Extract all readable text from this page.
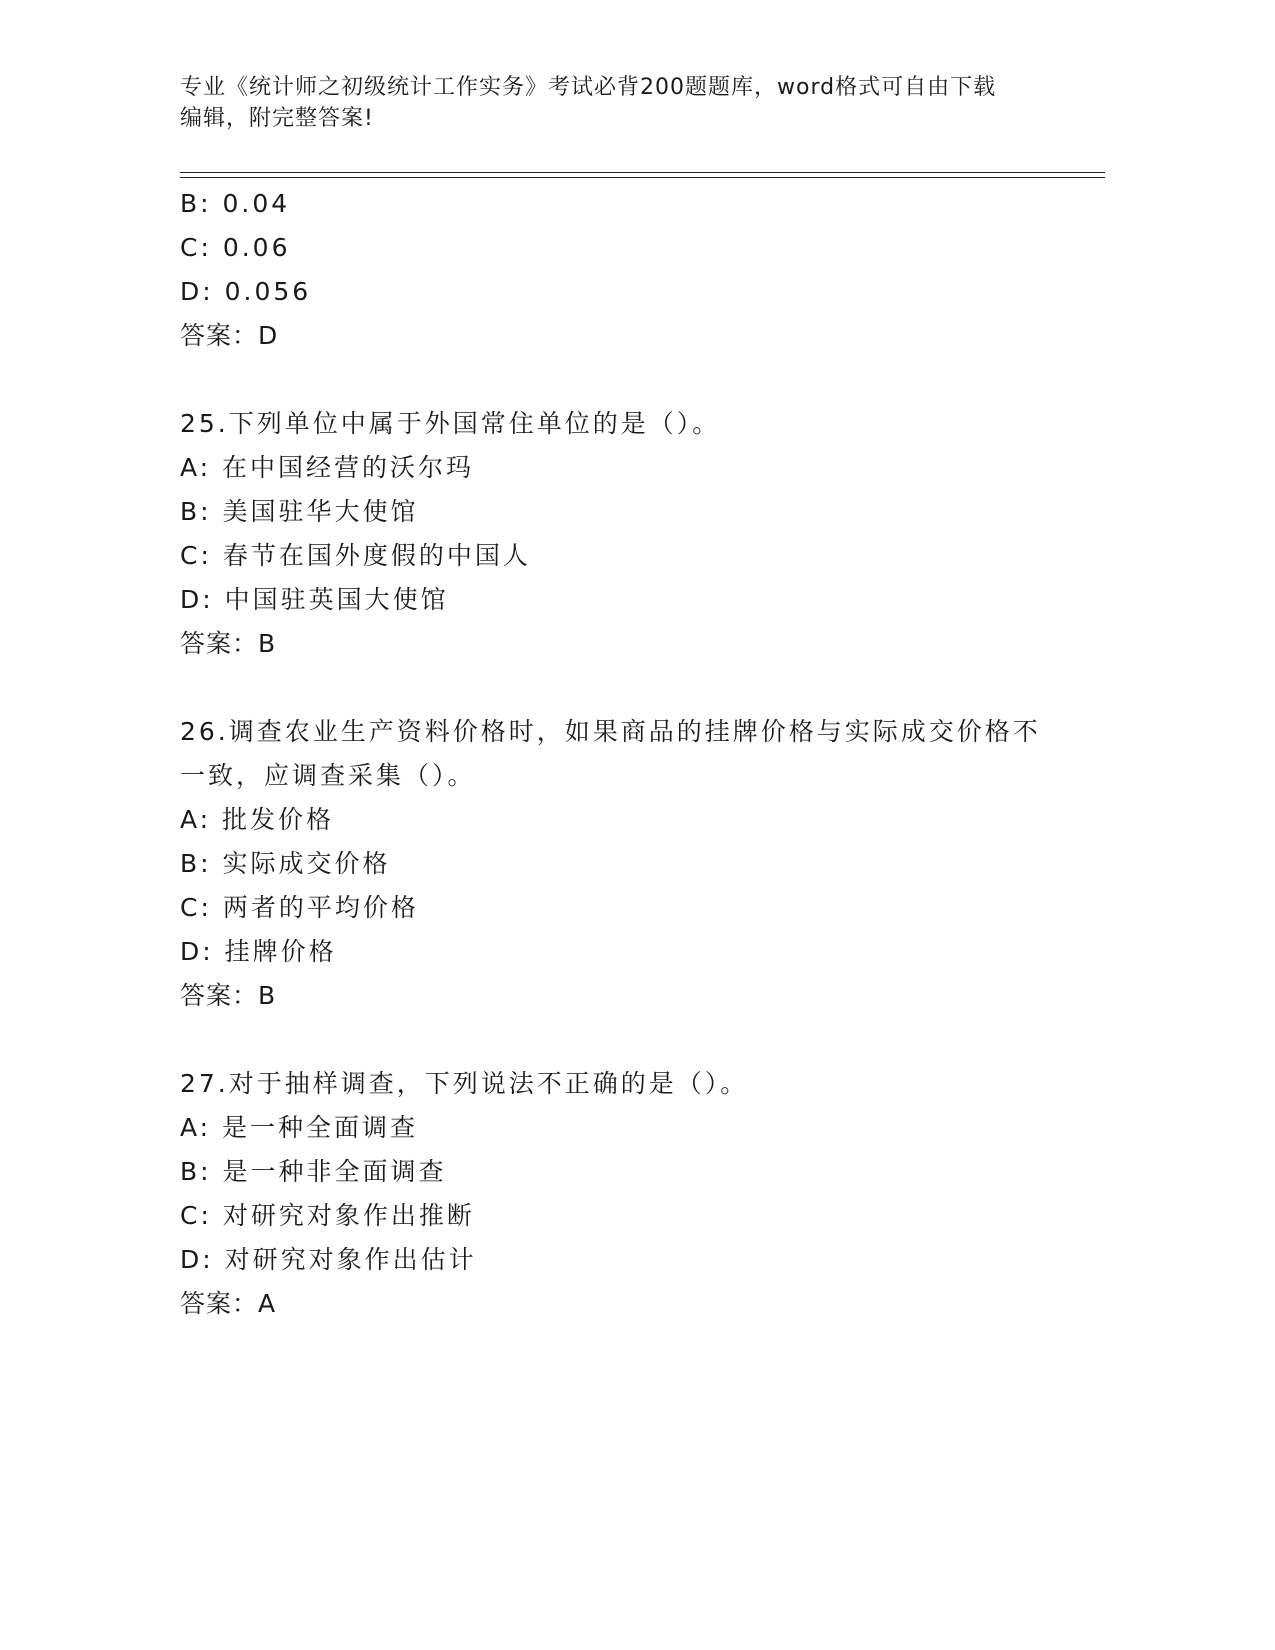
专业《统计师之初级统计工作实务》考试必背200题题库，word格式可自由下载
编辑，附完整答案!
B: 0.04
C: 0.06
D: 0.056
答案：D
25.下列单位中属于外国常住单位的是（）。
A: 在中国经营的沃尔玛
B: 美国驻华大使馆
C: 春节在国外度假的中国人
D: 中国驻英国大使馆
答案：B
26.调查农业生产资料价格时，如果商品的挂牌价格与实际成交价格不
一致，应调查采集（）。
A: 批发价格
B: 实际成交价格
C: 两者的平均价格
D: 挂牌价格
答案：B
27.对于抽样调查，下列说法不正确的是（）。
A: 是一种全面调查
B: 是一种非全面调查
C: 对研究对象作出推断
D: 对研究对象作出估计
答案：A
